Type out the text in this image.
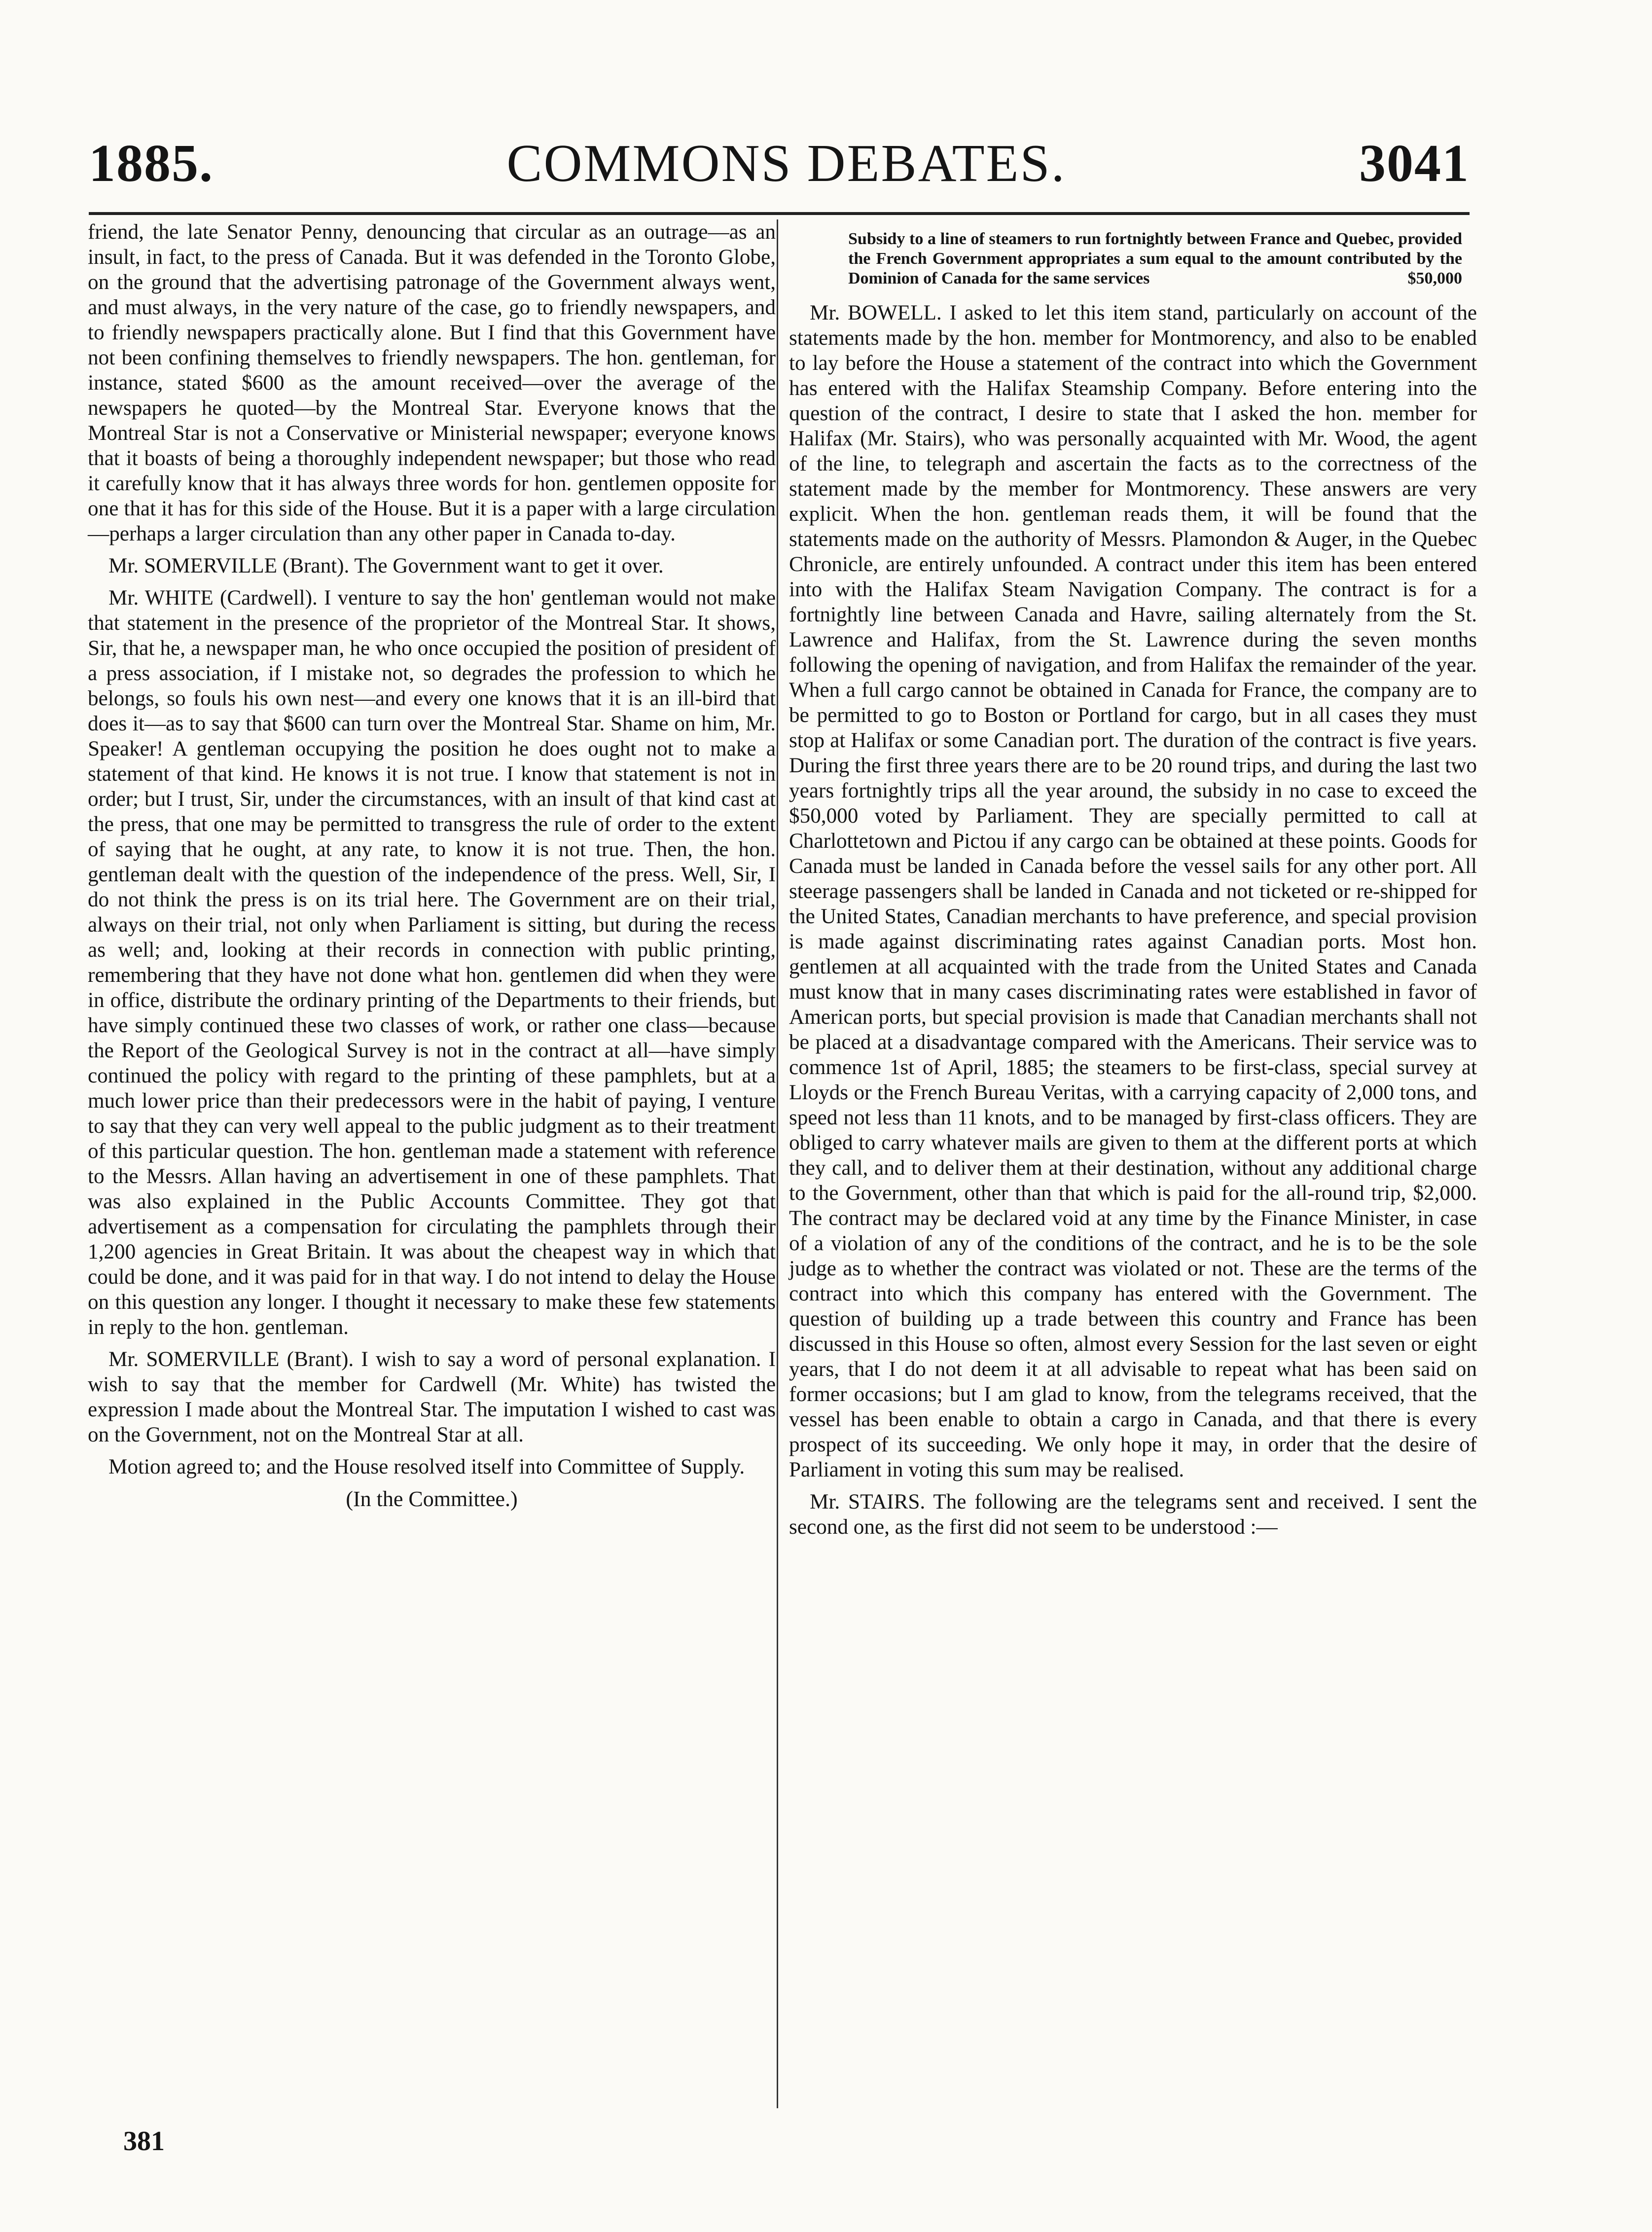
1885.	COMMONS DEBATES.	3041

friend, the late Senator Penny, denouncing that circular as an outrage—as an insult, in fact, to the press of Canada. But it was defended in the Toronto Globe, on the ground that the advertising patronage of the Government always went, and must always, in the very nature of the case, go to friendly newspapers, and to friendly newspapers practically alone. But I find that this Government have not been confining themselves to friendly newspapers. The hon. gentleman, for instance, stated $600 as the amount received—over the average of the newspapers he quoted—by the Montreal Star. Everyone knows that the Montreal Star is not a Conservative or Ministerial newspaper; everyone knows that it boasts of being a thoroughly independent newspaper; but those who read it carefully know that it has always three words for hon. gentlemen opposite for one that it has for this side of the House. But it is a paper with a large circulation—perhaps a larger circulation than any other paper in Canada to-day.

Mr. SOMERVILLE (Brant). The Government want to get it over.

Mr. WHITE (Cardwell). I venture to say the hon' gentleman would not make that statement in the presence of the proprietor of the Montreal Star. It shows, Sir, that he, a newspaper man, he who once occupied the position of president of a press association, if I mistake not, so degrades the profession to which he belongs, so fouls his own nest—and every one knows that it is an ill-bird that does it—as to say that $600 can turn over the Montreal Star. Shame on him, Mr. Speaker! A gentleman occupying the position he does ought not to make a statement of that kind. He knows it is not true. I know that statement is not in order; but I trust, Sir, under the circumstances, with an insult of that kind cast at the press, that one may be permitted to transgress the rule of order to the extent of saying that he ought, at any rate, to know it is not true. Then, the hon. gentleman dealt with the question of the independence of the press. Well, Sir, I do not think the press is on its trial here. The Government are on their trial, always on their trial, not only when Parliament is sitting, but during the recess as well; and, looking at their records in connection with public printing, remembering that they have not done what hon. gentlemen did when they were in office, distribute the ordinary printing of the Departments to their friends, but have simply continued these two classes of work, or rather one class—because the Report of the Geological Survey is not in the contract at all—have simply continued the policy with regard to the printing of these pamphlets, but at a much lower price than their predecessors were in the habit of paying, I venture to say that they can very well appeal to the public judgment as to their treatment of this particular question. The hon. gentleman made a statement with reference to the Messrs. Allan having an advertisement in one of these pamphlets. That was also explained in the Public Accounts Committee. They got that advertisement as a compensation for circulating the pamphlets through their 1,200 agencies in Great Britain. It was about the cheapest way in which that could be done, and it was paid for in that way. I do not intend to delay the House on this question any longer. I thought it necessary to make these few statements in reply to the hon. gentleman.

Mr. SOMERVILLE (Brant). I wish to say a word of personal explanation. I wish to say that the member for Cardwell (Mr. White) has twisted the expression I made about the Montreal Star. The imputation I wished to cast was on the Government, not on the Montreal Star at all.

Motion agreed to; and the House resolved itself into Committee of Supply.

(In the Committee.)

Subsidy to a line of steamers to run fortnightly between France and Quebec, provided the French Government appropriates a sum equal to the amount contributed by the Dominion of Canada for the same services	$50,000

Mr. BOWELL. I asked to let this item stand, particularly on account of the statements made by the hon. member for Montmorency, and also to be enabled to lay before the House a statement of the contract into which the Government has entered with the Halifax Steamship Company. Before entering into the question of the contract, I desire to state that I asked the hon. member for Halifax (Mr. Stairs), who was personally acquainted with Mr. Wood, the agent of the line, to telegraph and ascertain the facts as to the correctness of the statement made by the member for Montmorency. These answers are very explicit. When the hon. gentleman reads them, it will be found that the statements made on the authority of Messrs. Plamondon & Auger, in the Quebec Chronicle, are entirely unfounded. A contract under this item has been entered into with the Halifax Steam Navigation Company. The contract is for a fortnightly line between Canada and Havre, sailing alternately from the St. Lawrence and Halifax, from the St. Lawrence during the seven months following the opening of navigation, and from Halifax the remainder of the year. When a full cargo cannot be obtained in Canada for France, the company are to be permitted to go to Boston or Portland for cargo, but in all cases they must stop at Halifax or some Canadian port. The duration of the contract is five years. During the first three years there are to be 20 round trips, and during the last two years fortnightly trips all the year around, the subsidy in no case to exceed the $50,000 voted by Parliament. They are specially permitted to call at Charlottetown and Pictou if any cargo can be obtained at these points. Goods for Canada must be landed in Canada before the vessel sails for any other port. All steerage passengers shall be landed in Canada and not ticketed or re-shipped for the United States, Canadian merchants to have preference, and special provision is made against discriminating rates against Canadian ports. Most hon. gentlemen at all acquainted with the trade from the United States and Canada must know that in many cases discriminating rates were established in favor of American ports, but special provision is made that Canadian merchants shall not be placed at a disadvantage compared with the Americans. Their service was to commence 1st of April, 1885; the steamers to be first-class, special survey at Lloyds or the French Bureau Veritas, with a carrying capacity of 2,000 tons, and speed not less than 11 knots, and to be managed by first-class officers. They are obliged to carry whatever mails are given to them at the different ports at which they call, and to deliver them at their destination, without any additional charge to the Government, other than that which is paid for the all-round trip, $2,000. The contract may be declared void at any time by the Finance Minister, in case of a violation of any of the conditions of the contract, and he is to be the sole judge as to whether the contract was violated or not. These are the terms of the contract into which this company has entered with the Government. The question of building up a trade between this country and France has been discussed in this House so often, almost every Session for the last seven or eight years, that I do not deem it at all advisable to repeat what has been said on former occasions; but I am glad to know, from the telegrams received, that the vessel has been enable to obtain a cargo in Canada, and that there is every prospect of its succeeding. We only hope it may, in order that the desire of Parliament in voting this sum may be realised.

Mr. STAIRS. The following are the telegrams sent and received. I sent the second one, as the first did not seem to be understood :—

381
